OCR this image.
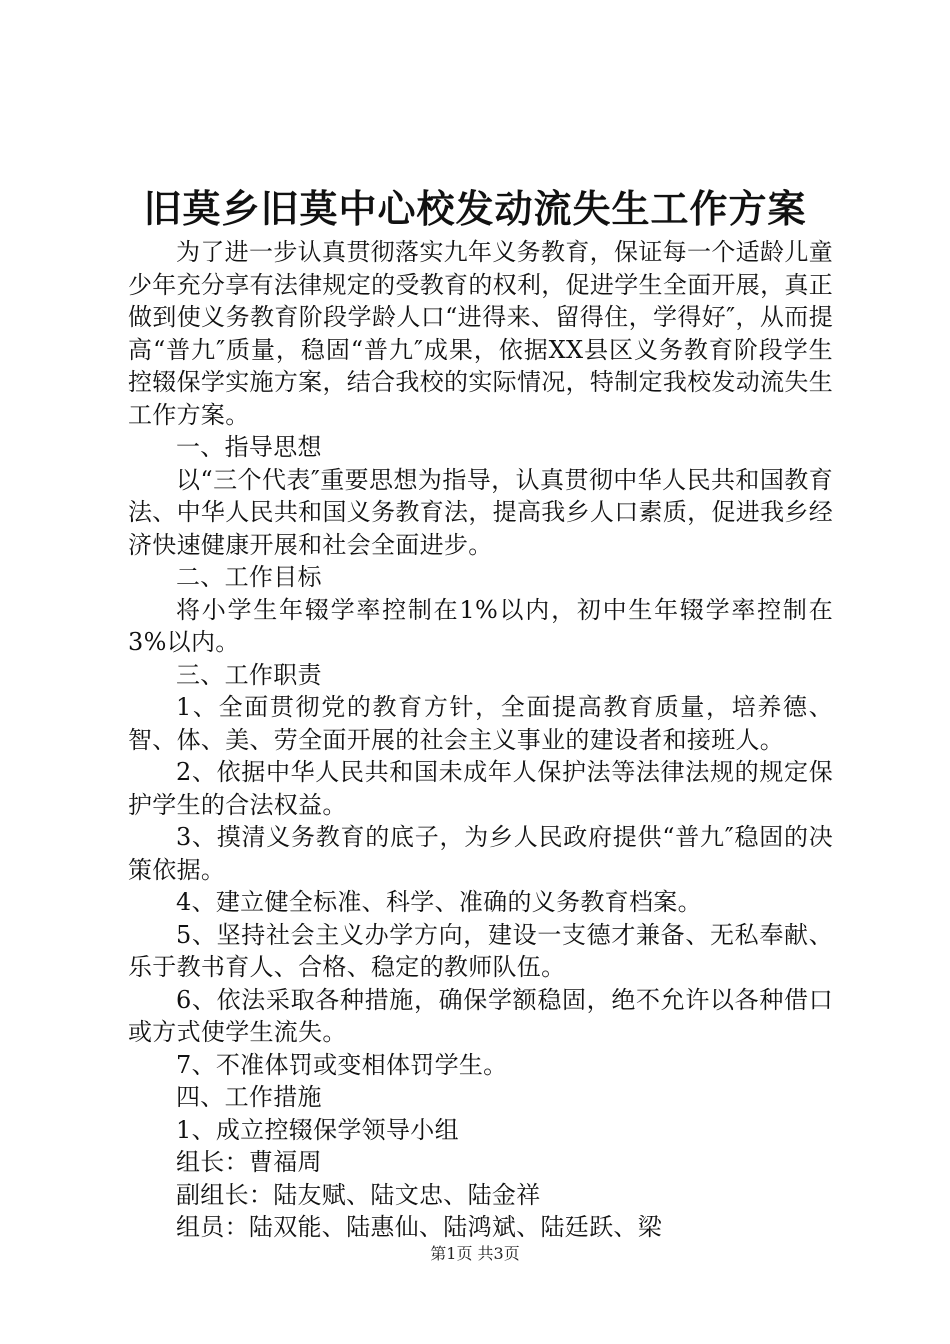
旧莫乡旧莫中心校发动流失生工作方案

为了进一步认真贯彻落实九年义务教育，保证每一个适龄儿童少年充分享有法律规定的受教育的权利，促进学生全面开展，真正做到使义务教育阶段学龄人口“进得来、留得住，学得好″，从而提高“普九″质量，稳固“普九″成果，依据XX县区义务教育阶段学生控辍保学实施方案，结合我校的实际情况，特制定我校发动流失生工作方案。

一、指导思想

以“三个代表″重要思想为指导，认真贯彻中华人民共和国教育法、中华人民共和国义务教育法，提高我乡人口素质，促进我乡经济快速健康开展和社会全面进步。

二、工作目标

将小学生年辍学率控制在1%以内，初中生年辍学率控制在3%以内。

三、工作职责

1、全面贯彻党的教育方针，全面提高教育质量，培养德、智、体、美、劳全面开展的社会主义事业的建设者和接班人。

2、依据中华人民共和国未成年人保护法等法律法规的规定保护学生的合法权益。

3、摸清义务教育的底子，为乡人民政府提供“普九″稳固的决策依据。

4、建立健全标准、科学、准确的义务教育档案。

5、坚持社会主义办学方向，建设一支德才兼备、无私奉献、乐于教书育人、合格、稳定的教师队伍。

6、依法采取各种措施，确保学额稳固，绝不允许以各种借口或方式使学生流失。

7、不准体罚或变相体罚学生。

四、工作措施

1、成立控辍保学领导小组

组长：曹福周

副组长：陆友赋、陆文忠、陆金祥

组员：陆双能、陆惠仙、陆鸿斌、陆廷跃、梁

第1页 共3页
